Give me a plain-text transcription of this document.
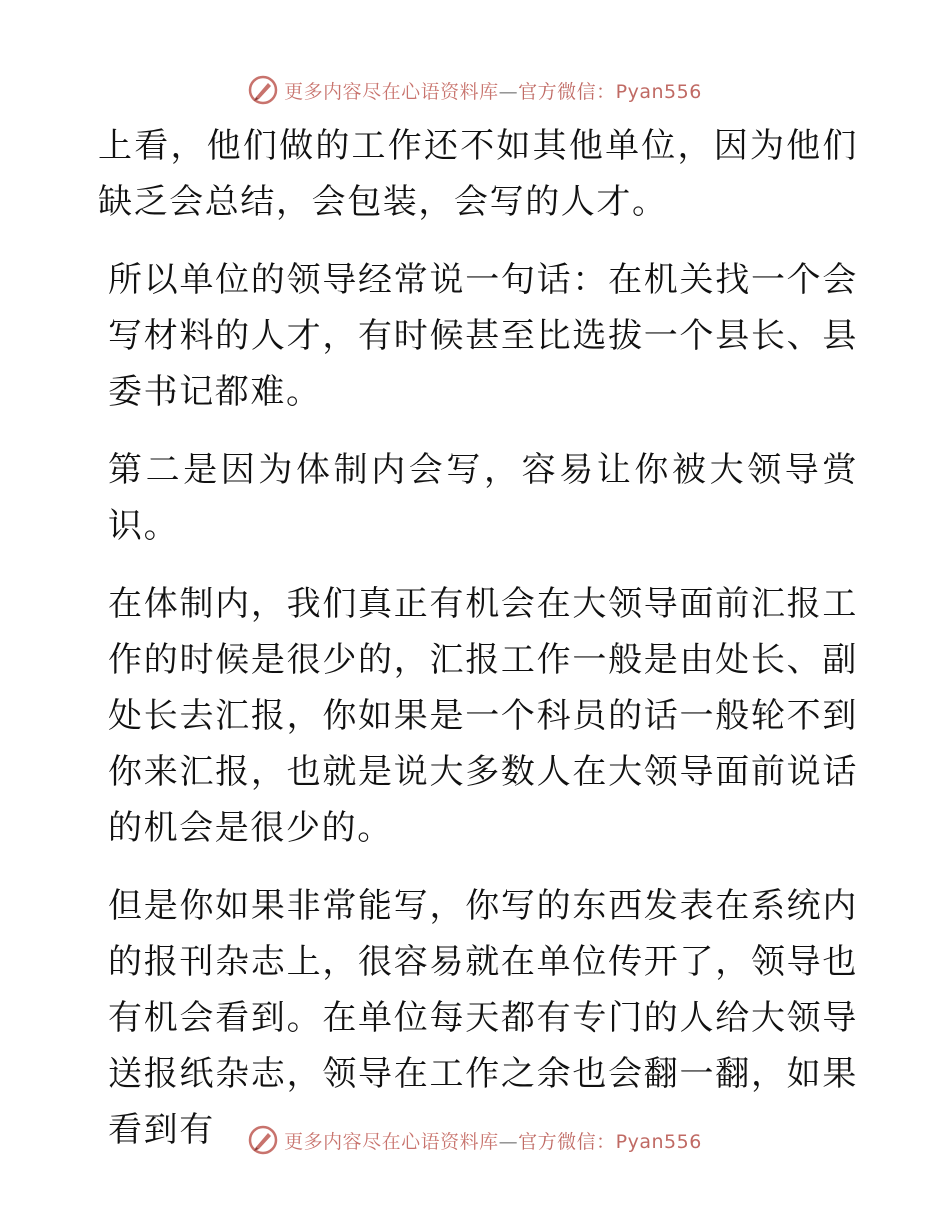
更多内容尽在心语资料库—官方微信：Pyan556

上看，他们做的工作还不如其他单位，因为他们缺乏会总结，会包装，会写的人才。

所以单位的领导经常说一句话：在机关找一个会写材料的人才，有时候甚至比选拔一个县长、县委书记都难。

第二是因为体制内会写，容易让你被大领导赏识。

在体制内，我们真正有机会在大领导面前汇报工作的时候是很少的，汇报工作一般是由处长、副处长去汇报，你如果是一个科员的话一般轮不到你来汇报，也就是说大多数人在大领导面前说话的机会是很少的。

但是你如果非常能写，你写的东西发表在系统内的报刊杂志上，很容易就在单位传开了，领导也有机会看到。在单位每天都有专门的人给大领导送报纸杂志，领导在工作之余也会翻一翻，如果看到有	更多内容尽在心语资料库—官方微信：Pyan556
